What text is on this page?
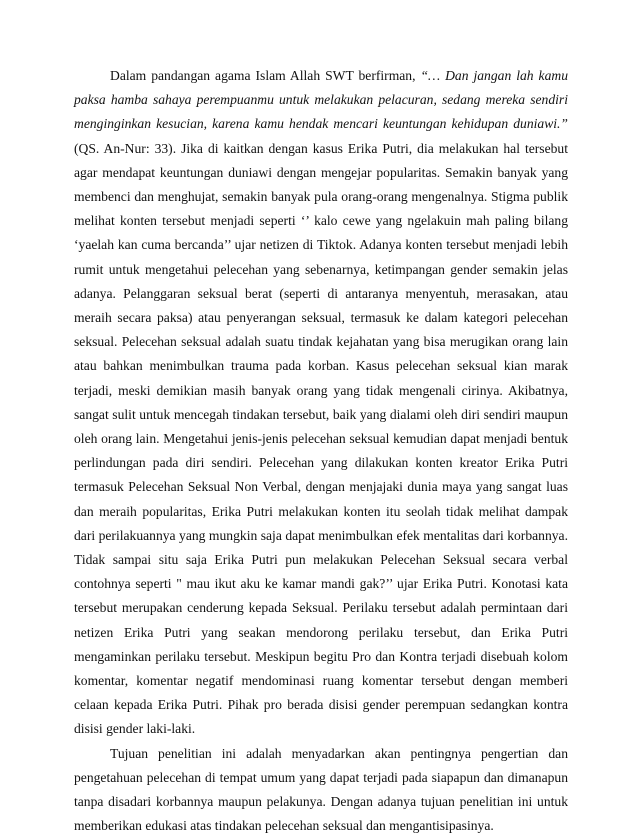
Dalam pandangan agama Islam Allah SWT berfirman, “… Dan jangan lah kamu paksa hamba sahaya perempuanmu untuk melakukan pelacuran, sedang mereka sendiri menginginkan kesucian, karena kamu hendak mencari keuntungan kehidupan duniawi.” (QS. An-Nur: 33). Jika di kaitkan dengan kasus Erika Putri, dia melakukan hal tersebut agar mendapat keuntungan duniawi dengan mengejar popularitas. Semakin banyak yang membenci dan menghujat, semakin banyak pula orang-orang mengenalnya. Stigma publik melihat konten tersebut menjadi seperti ‘’ kalo cewe yang ngelakuin mah paling bilang ‘yaelah kan cuma bercanda’’ ujar netizen di Tiktok. Adanya konten tersebut menjadi lebih rumit untuk mengetahui pelecehan yang sebenarnya, ketimpangan gender semakin jelas adanya. Pelanggaran seksual berat (seperti di antaranya menyentuh, merasakan, atau meraih secara paksa) atau penyerangan seksual, termasuk ke dalam kategori pelecehan seksual. Pelecehan seksual adalah suatu tindak kejahatan yang bisa merugikan orang lain atau bahkan menimbulkan trauma pada korban. Kasus pelecehan seksual kian marak terjadi, meski demikian masih banyak orang yang tidak mengenali cirinya. Akibatnya, sangat sulit untuk mencegah tindakan tersebut, baik yang dialami oleh diri sendiri maupun oleh orang lain. Mengetahui jenis-jenis pelecehan seksual kemudian dapat menjadi bentuk perlindungan pada diri sendiri. Pelecehan yang dilakukan konten kreator Erika Putri termasuk Pelecehan Seksual Non Verbal, dengan menjajaki dunia maya yang sangat luas dan meraih popularitas, Erika Putri melakukan konten itu seolah tidak melihat dampak dari perilakuannya yang mungkin saja dapat menimbulkan efek mentalitas dari korbannya. Tidak sampai situ saja Erika Putri pun melakukan Pelecehan Seksual secara verbal contohnya seperti " mau ikut aku ke kamar mandi gak?’’ ujar Erika Putri. Konotasi kata tersebut merupakan cenderung kepada Seksual. Perilaku tersebut adalah permintaan dari netizen Erika Putri yang seakan mendorong perilaku tersebut, dan Erika Putri mengaminkan perilaku tersebut. Meskipun begitu Pro dan Kontra terjadi disebuah kolom komentar, komentar negatif mendominasi ruang komentar tersebut dengan memberi celaan kepada Erika Putri. Pihak pro berada disisi gender perempuan sedangkan kontra disisi gender laki-laki.

Tujuan penelitian ini adalah menyadarkan akan pentingnya pengertian dan pengetahuan pelecehan di tempat umum yang dapat terjadi pada siapapun dan dimanapun tanpa disadari korbannya maupun pelakunya. Dengan adanya tujuan penelitian ini untuk memberikan edukasi atas tindakan pelecehan seksual dan mengantisipasinya.
